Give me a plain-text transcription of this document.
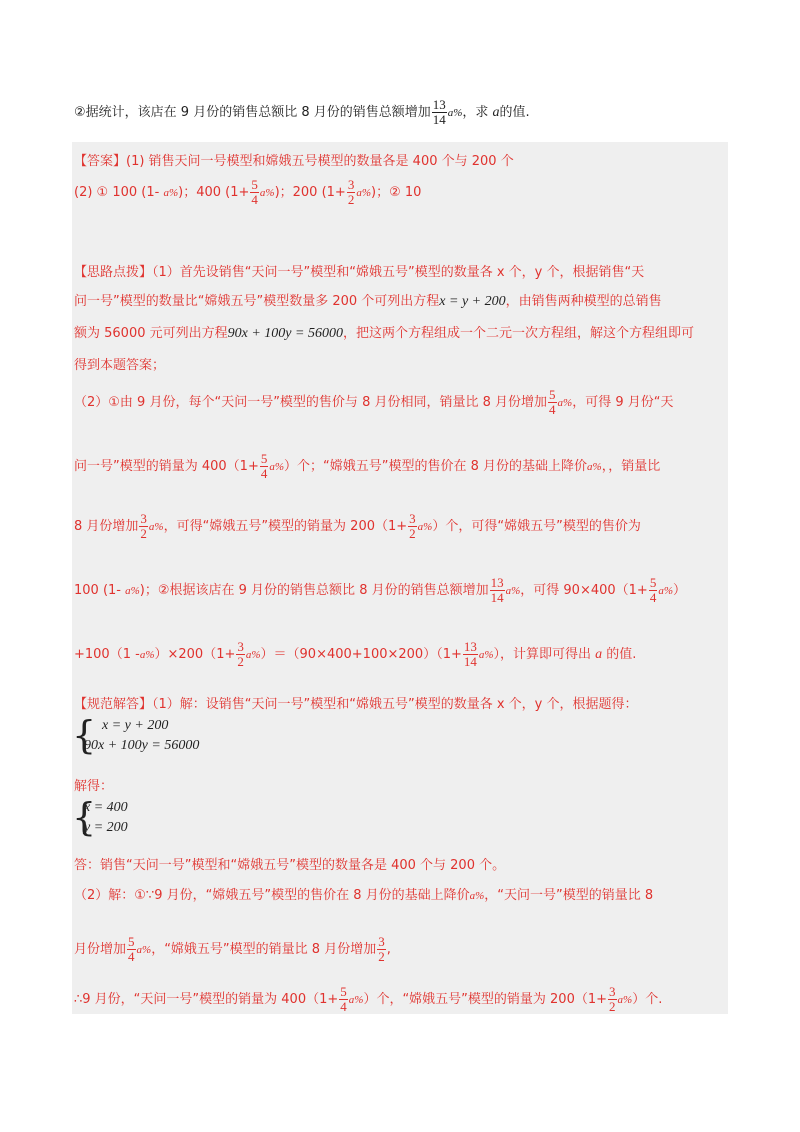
②据统计，该店在 9 月份的销售总额比 8 月份的销售总额增加 $\frac{13}{14} a\%$，求 a的值.
【答案】(1) 销售天问一号模型和嫦娥五号模型的数量各是 400 个与 200 个
(2) ① 100 (1- a%)；400 $(1+ \frac{5}{4} a\%)$；200 $(1+ \frac{3}{2} a\%)$；② 10
【思路点拨】（1）首先设销售“天问一号”模型和“嫦娥五号”模型的数量各 x 个，y 个，根据销售“天
问一号”模型的数量比“嫦娥五号”模型数量多 200 个可列出方程x = y + 200，由销售两种模型的总销售
额为 56000 元可列出方程90x + 100y = 56000，把这两个方程组成一个二元一次方程组，解这个方程组即可
得到本题答案；
（2）①由 9 月份，每个“天问一号”模型的售价与 8 月份相同，销量比 8 月份增加 $\frac{5}{4} a\%$，可得 9 月份“天
问一号”模型的销量为 $400(1+ \frac{5}{4} a\%)$个；“嫦娥五号”模型的售价在 8 月份的基础上降价a%，，销量比
8 月份增加 $\frac{3}{2} a\%$，可得“嫦娥五号”模型的销量为 $200(1+ \frac{3}{2} a\%)$个，可得“嫦娥五号”模型的售价为
100 (1- a%)；②根据该店在 9 月份的销售总额比 8 月份的销售总额增加 $\frac{13}{14} a\%$，可得 $90\times 400(1+ \frac{5}{4} a\%)$
+100（1 $-a\%)\times 200(1+ \frac{3}{2} a\%)=(90\times 400+100\times 200)(1+ \frac{13}{14} a\%)$，计算即可得出 a 的值.
【规范解答】（1）解：设销售“天问一号”模型和“嫦娥五号”模型的数量各 x 个，y 个，根据题得：
{ x = y + 200
90x + 100y = 56000
解得：
{
x = 400
y = 200
答：销售“天问一号”模型和“嫦娥五号”模型的数量各是 400 个与 200 个。
（2）解：①∵9 月份，“嫦娥五号”模型的售价在 8 月份的基础上降价a%，“天问一号”模型的销量比 8
月份增加 $\frac{5}{4} a\%$，“嫦娥五号”模型的销量比 8 月份增加 $\frac{3}{2}$ ,
∴9 月份，“天问一号”模型的销量为 $400(1+ \frac{5}{4} a\%)$个，“嫦娥五号”模型的销量为 $200(1+ \frac{3}{2} a\%)$个.
